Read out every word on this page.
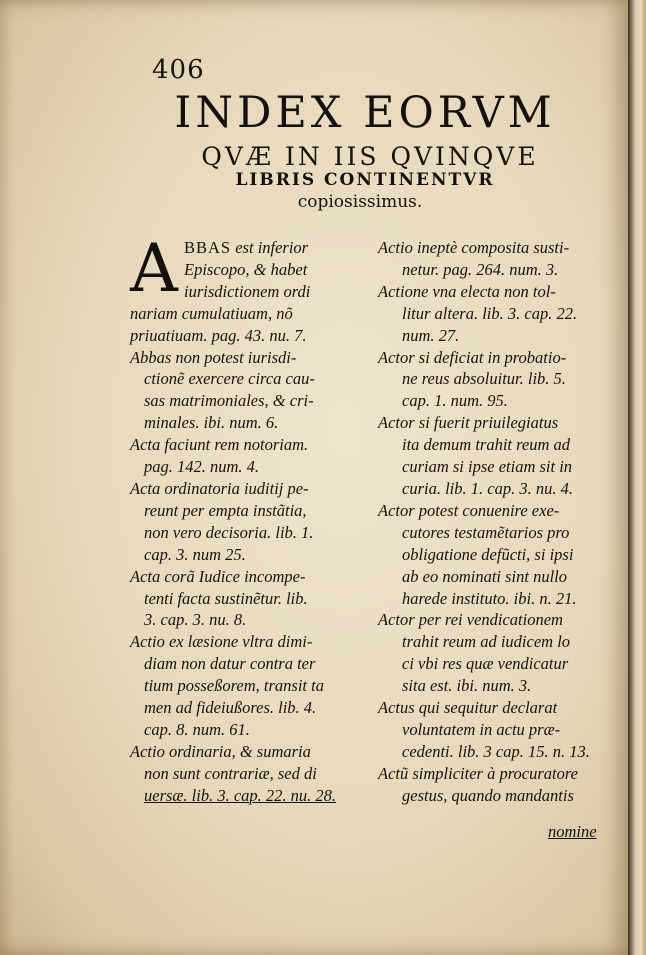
406
INDEX EORVM
QVÆ IN IIS QVINQVE
LIBRIS CONTINENTVR
copiosissimus.
A BBAS est inferior

Episcopo, & habet

iurisdictionem ordi

nariam cumulatiuam, nõ

priuatiuam. pag. 43. nu. 7.

Abbas non potest iurisdi-

ctionẽ exercere circa cau-

sas matrimoniales, & cri-

minales. ibi. num. 6.

Acta faciunt rem notoriam.

pag. 142. num. 4.

Acta ordinatoria iuditij pe-

reunt per empta instãtia,

non vero decisoria. lib. 1.

cap. 3. num 25.

Acta corã Iudice incompe-

tenti facta sustinẽtur. lib.

3. cap. 3. nu. 8.

Actio ex læsione vltra dimi-

diam non datur contra ter

tium posseßorem, transit ta

men ad fideiußores. lib. 4.

cap. 8. num. 61.

Actio ordinaria, & sumaria

non sunt contrariæ, sed di

uersæ. lib. 3. cap. 22. nu. 28.

Actio ineptè composita susti-

netur. pag. 264. num. 3.

Actione vna electa non tol-

litur altera. lib. 3. cap. 22.

num. 27.

Actor si deficiat in probatio-

ne reus absoluitur. lib. 5.

cap. 1. num. 95.

Actor si fuerit priuilegiatus

ita demum trahit reum ad

curiam si ipse etiam sit in

curia. lib. 1. cap. 3. nu. 4.

Actor potest conuenire exe-

cutores testamẽtarios pro

obligatione defũcti, si ipsi

ab eo nominati sint nullo

harede instituto. ibi. n. 21.

Actor per rei vendicationem

trahit reum ad iudicem lo

ci vbi res quæ vendicatur

sita est. ibi. num. 3.

Actus qui sequitur declarat

voluntatem in actu præ-

cedenti. lib. 3 cap. 15. n. 13.

Actũ simpliciter à procuratore

gestus, quando mandantis

nomine
